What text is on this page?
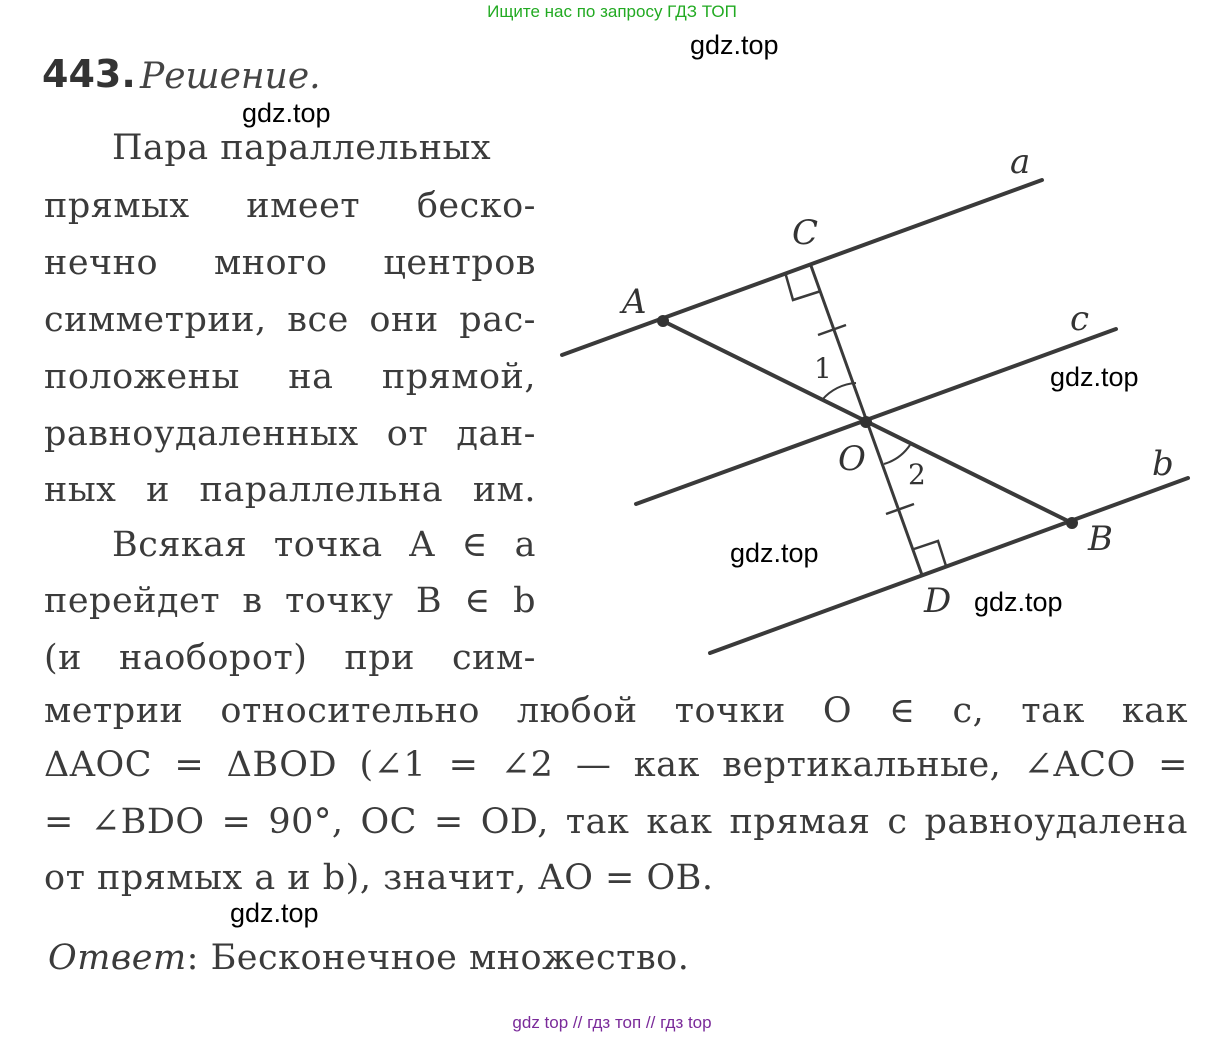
Ищите нас по запросу ГДЗ ТОП
gdz.top
gdz.top
gdz.top
gdz.top
gdz.top
gdz.top
443. Решение.
Пара параллельных
прямых имеет беско-
нечно много центров
симметрии, все они рас-
положены на прямой,
равноудаленных от дан-
ных и параллельна им.
Всякая точка A ∈ a
перейдет в точку B ∈ b
(и наоборот) при сим-
метрии относительно любой точки O ∈ c, так как
ΔAOC = ΔBOD (∠1 = ∠2 — как вертикальные, ∠ACO =
= ∠BDO = 90°, OC = OD, так как прямая c равноудалена
от прямых a и b), значит, AO = OB.
Ответ: Бесконечное множество.
a
c
b
A
C
O
B
D
1
2
gdz top // гдз топ // гдз top
